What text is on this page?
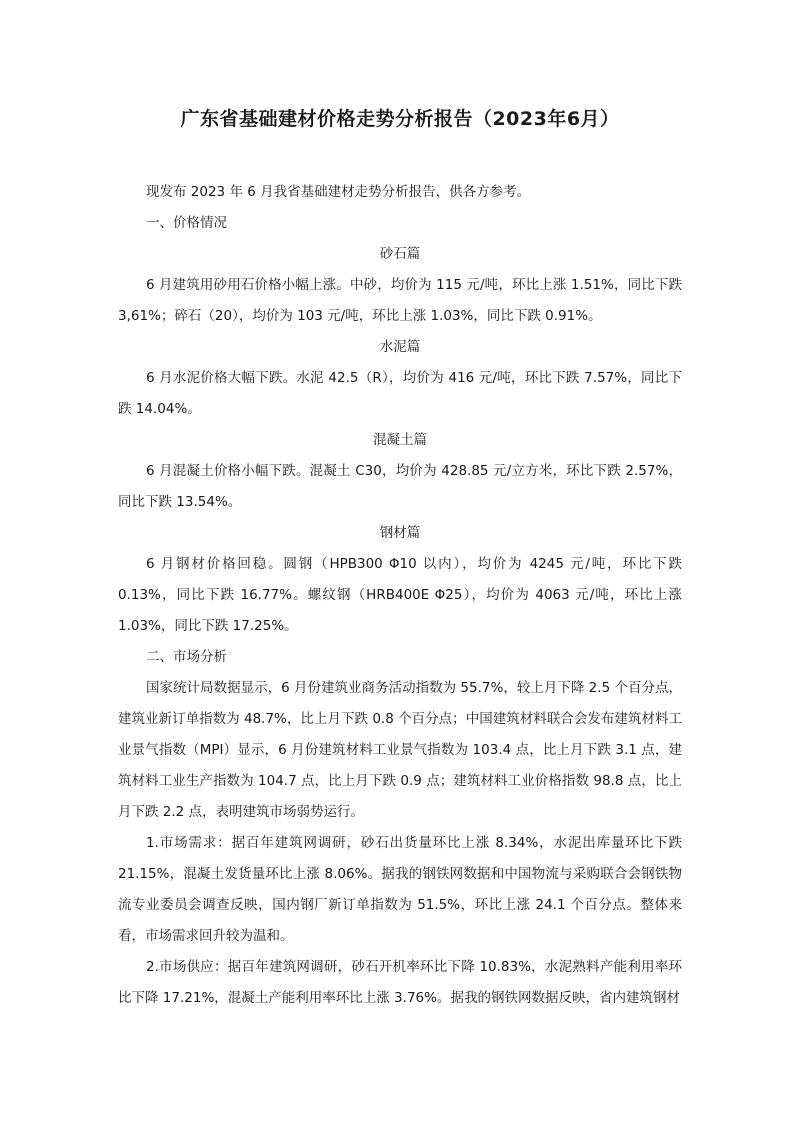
广东省基础建材价格走势分析报告（2023年6月）

现发布 2023 年 6 月我省基础建材走势分析报告，供各方参考。

一、价格情况

砂石篇

6 月建筑用砂用石价格小幅上涨。中砂，均价为 115 元/吨，环比上涨 1.51%，同比下跌 3,61%；碎石（20），均价为 103 元/吨，环比上涨 1.03%，同比下跌 0.91%。

水泥篇

6 月水泥价格大幅下跌。水泥 42.5（R），均价为 416 元/吨，环比下跌 7.57%，同比下跌 14.04%。

混凝土篇

6 月混凝土价格小幅下跌。混凝土 C30，均价为 428.85 元/立方米，环比下跌 2.57%，同比下跌 13.54%。

钢材篇

6 月钢材价格回稳。圆钢（HPB300 Φ10 以内），均价为 4245 元/吨，环比下跌 0.13%，同比下跌 16.77%。螺纹钢（HRB400E Φ25），均价为 4063 元/吨，环比上涨 1.03%，同比下跌 17.25%。

二、市场分析

国家统计局数据显示，6 月份建筑业商务活动指数为 55.7%，较上月下降 2.5 个百分点，建筑业新订单指数为 48.7%，比上月下跌 0.8 个百分点；中国建筑材料联合会发布建筑材料工业景气指数（MPI）显示，6 月份建筑材料工业景气指数为 103.4 点，比上月下跌 3.1 点，建筑材料工业生产指数为 104.7 点，比上月下跌 0.9 点；建筑材料工业价格指数 98.8 点，比上月下跌 2.2 点，表明建筑市场弱势运行。

1.市场需求：据百年建筑网调研，砂石出货量环比上涨 8.34%，水泥出库量环比下跌 21.15%，混凝土发货量环比上涨 8.06%。据我的钢铁网数据和中国物流与采购联合会钢铁物流专业委员会调查反映，国内钢厂新订单指数为 51.5%，环比上涨 24.1 个百分点。整体来看，市场需求回升较为温和。

2.市场供应：据百年建筑网调研，砂石开机率环比下降 10.83%，水泥熟料产能利用率环比下降 17.21%，混凝土产能利用率环比上涨 3.76%。据我的钢铁网数据反映，省内建筑钢材
